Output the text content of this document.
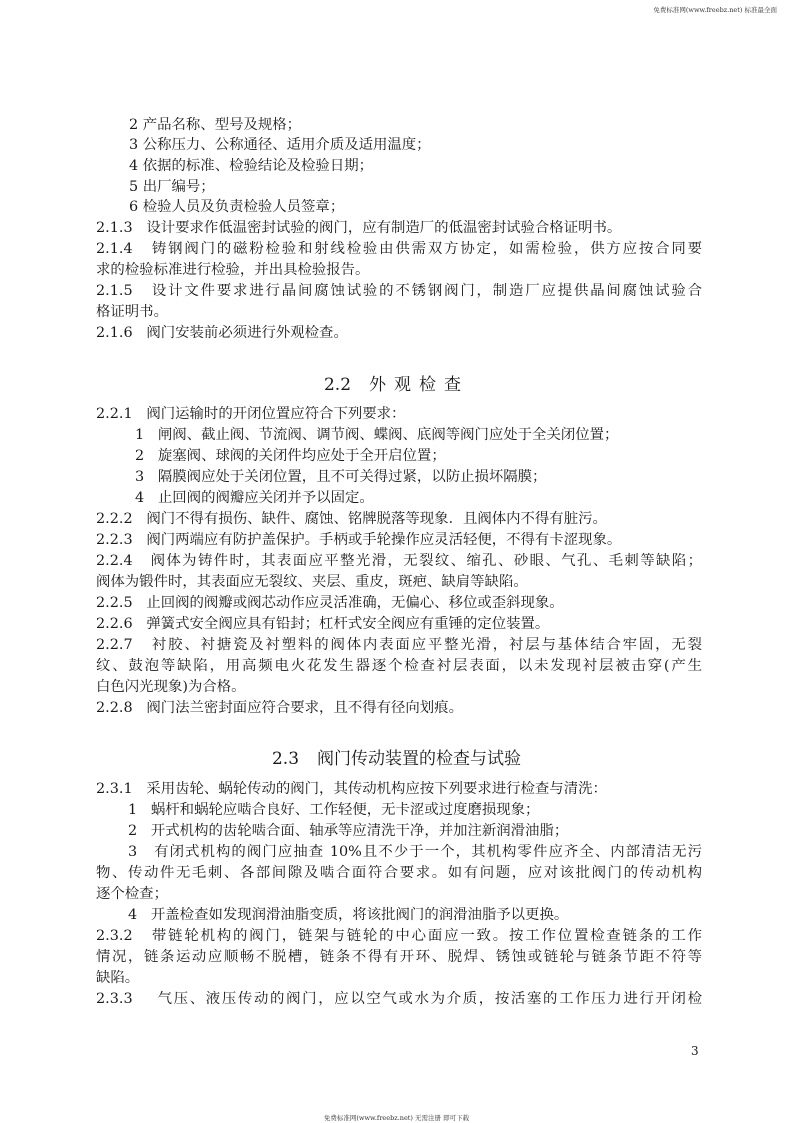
免费标准网(www.freebz.net) 标准最全面
2 产品名称、型号及规格；
3 公称压力、公称通径、适用介质及适用温度；
4 依据的标准、检验结论及检验日期；
5 出厂编号；
6 检验人员及负责检验人员签章；
2.1.3 设计要求作低温密封试验的阀门，应有制造厂的低温密封试验合格证明书。
2.1.4 铸钢阀门的磁粉检验和射线检验由供需双方协定，如需检验，供方应按合同要
求的检验标准进行检验，并出具检验报告。
2.1.5 设计文件要求进行晶间腐蚀试验的不锈钢阀门，制造厂应提供晶间腐蚀试验合
格证明书。
2.1.6 阀门安装前必须进行外观检查。
2.2 外观检查
2.2.1 阀门运输时的开闭位置应符合下列要求：
1 闸阀、截止阀、节流阀、调节阀、蝶阀、底阀等阀门应处于全关闭位置；
2 旋塞阀、球阀的关闭件均应处于全开启位置；
3 隔膜阀应处于关闭位置，且不可关得过紧，以防止损坏隔膜；
4 止回阀的阀瓣应关闭并予以固定。
2.2.2 阀门不得有损伤、缺件、腐蚀、铭牌脱落等现象．且阀体内不得有脏污。
2.2.3 阀门两端应有防护盖保护。手柄或手轮操作应灵活轻便，不得有卡涩现象。
2.2.4 阀体为铸件时，其表面应平整光滑，无裂纹、缩孔、砂眼、气孔、毛刺等缺陷；
阀体为锻件时，其表面应无裂纹、夹层、重皮，斑疤、缺肩等缺陷。
2.2.5 止回阀的阀瓣或阀芯动作应灵活准确，无偏心、移位或歪斜现象。
2.2.6 弹簧式安全阀应具有铅封；杠杆式安全阀应有重锤的定位装置。
2.2.7 衬胶、衬搪瓷及衬塑料的阀体内表面应平整光滑，衬层与基体结合牢固，无裂
纹、鼓泡等缺陷，用高频电火花发生器逐个检查衬层表面，以未发现衬层被击穿(产生
白色闪光现象)为合格。
2.2.8 阀门法兰密封面应符合要求，且不得有径向划痕。
2.3 阀门传动装置的检查与试验
2.3.1 采用齿轮、蜗轮传动的阀门，其传动机构应按下列要求进行检查与清洗：
1 蜗杆和蜗轮应啮合良好、工作轻便，无卡涩或过度磨损现象；
2 开式机构的齿轮啮合面、轴承等应清洗干净，并加注新润滑油脂；
3 有闭式机构的阀门应抽查 10%且不少于一个，其机构零件应齐全、内部清洁无污
物、传动件无毛刺、各部间隙及啮合面符合要求。如有问题，应对该批阀门的传动机构
逐个检查；
4 开盖检查如发现润滑油脂变质，将该批阀门的润滑油脂予以更换。
2.3.2 带链轮机构的阀门，链架与链轮的中心面应一致。按工作位置检查链条的工作
情况，链条运动应顺畅不脱槽，链条不得有开环、脱焊、锈蚀或链轮与链条节距不符等
缺陷。
2.3.3 气压、液压传动的阀门，应以空气或水为介质，按活塞的工作压力进行开闭检
3
免费标准网(www.freebz.net) 无需注册 即可下载
